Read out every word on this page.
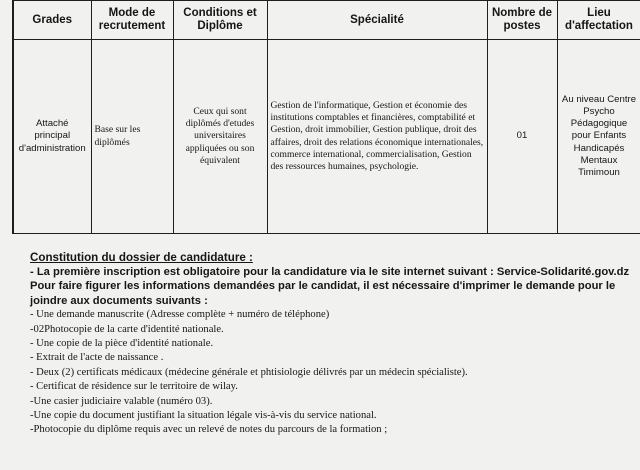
Grades	Mode de recrutement	Conditions et Diplôme	Spécialité	Nombre de postes	Lieu d'affectation
Attaché principal d'administration	Base sur les diplômés	Ceux qui sont diplômés d'etudes universitaires appliquées ou son équivalent	Gestion de l'informatique, Gestion et économie des institutions comptables et financières, comptabilité et Gestion, droit immobilier, Gestion publique, droit des affaires, droit des relations économique internationales, commerce international, commercialisation, Gestion des ressources humaines, psychologie.	01	Au niveau Centre Psycho Pédagogique pour Enfants Handicapés Mentaux Timimoun
Constitution du dossier de candidature :
- La première inscription est obligatoire pour la candidature via le site internet suivant : Service-Solidarité.gov.dz
Pour faire figurer les informations demandées par le candidat, il est nécessaire d'imprimer le demande pour le joindre aux documents suivants :
- Une demande manuscrite (Adresse complète + numéro de téléphone)
-02Photocopie de la carte d'identité nationale.
- Une copie de la pièce d'identité nationale.
- Extrait de l'acte de naissance .
- Deux (2) certificats médicaux (médecine générale et phtisiologie délivrés par un médecin spécialiste).
- Certificat de résidence sur le territoire de wilay.
-Une casier judiciaire valable (numéro 03).
-Une copie du document justifiant la situation légale vis-à-vis du service national.
-Photocopie du diplôme requis avec un relevé de notes du parcours de la formation ;
